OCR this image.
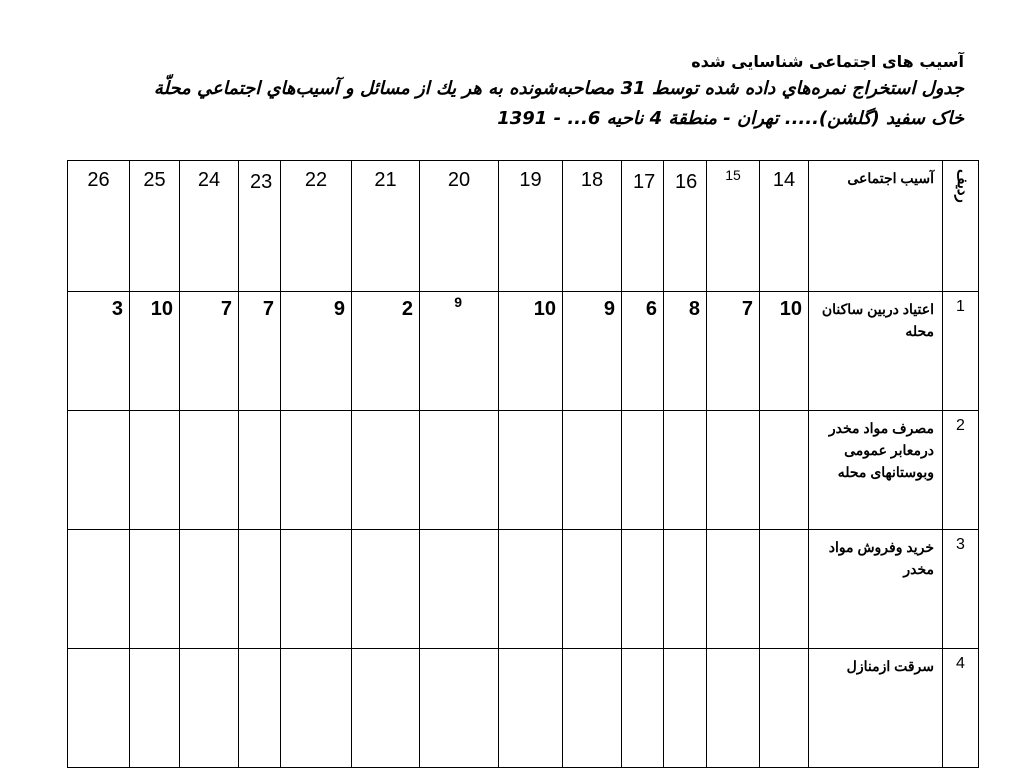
آسیب های اجتماعی شناسایی شده
جدول استخراج نمره‌هاي داده شده توسط 31 مصاحبه‌شونده به هر يك از مسائل و آسيب‌هاي اجتماعي محلّة
خاک سفيد (گلشن)..... تهران - منطقة 4 ناحيه 6... - 1391
26	25	24	23	22	21	20	19	18	17	16	15	14	آسیب اجتماعی	رديف

3	10	7	7	9	2	9	10	9	6	8	7	10	اعتیاد دربین ساکنان محله	1
													مصرف مواد مخدر درمعابر عمومی وبوستانهای محله	2
													خرید وفروش مواد مخدر	3
													سرقت ازمنازل	4
